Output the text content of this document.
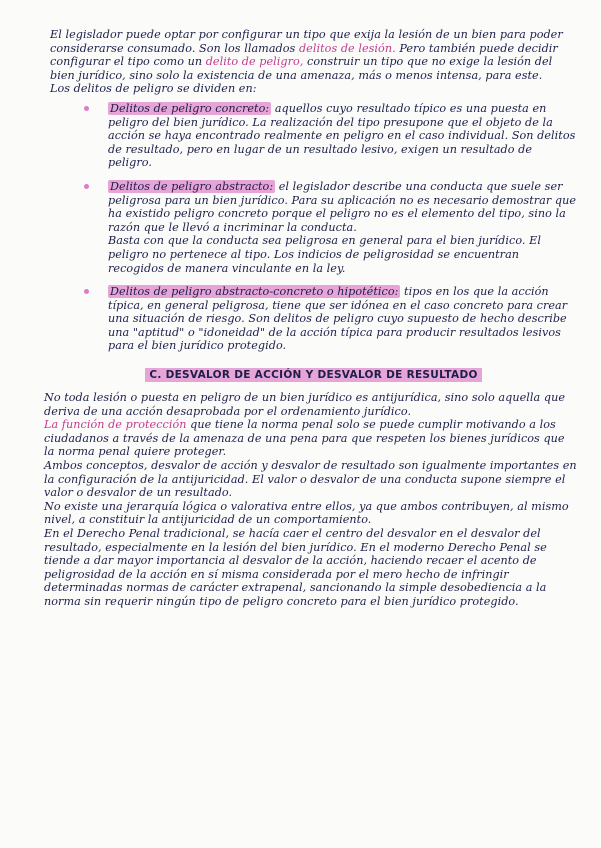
El legislador puede optar por configurar un tipo que exija la lesión de un bien para poder considerarse consumado. Son los llamados delitos de lesión. Pero también puede decidir configurar el tipo como un delito de peligro, construir un tipo que no exige la lesión del bien jurídico, sino solo la existencia de una amenaza, más o menos intensa, para este.

Los delitos de peligro se dividen en:

Delitos de peligro concreto: aquellos cuyo resultado típico es una puesta en peligro del bien jurídico. La realización del tipo presupone que el objeto de la acción se haya encontrado realmente en peligro en el caso individual. Son delitos de resultado, pero en lugar de un resultado lesivo, exigen un resultado de peligro.

Delitos de peligro abstracto: el legislador describe una conducta que suele ser peligrosa para un bien jurídico. Para su aplicación no es necesario demostrar que ha existido peligro concreto porque el peligro no es el elemento del tipo, sino la razón que le llevó a incriminar la conducta.

Basta con que la conducta sea peligrosa en general para el bien jurídico. El peligro no pertenece al tipo. Los indicios de peligrosidad se encuentran recogidos de manera vinculante en la ley.

Delitos de peligro abstracto-concreto o hipotético: tipos en los que la acción típica, en general peligrosa, tiene que ser idónea en el caso concreto para crear una situación de riesgo. Son delitos de peligro cuyo supuesto de hecho describe una "aptitud" o "idoneidad" de la acción típica para producir resultados lesivos para el bien jurídico protegido.

C. DESVALOR DE ACCIÓN Y DESVALOR DE RESULTADO

No toda lesión o puesta en peligro de un bien jurídico es antijurídica, sino solo aquella que deriva de una acción desaprobada por el ordenamiento jurídico.

La función de protección que tiene la norma penal solo se puede cumplir motivando a los ciudadanos a través de la amenaza de una pena para que respeten los bienes jurídicos que la norma penal quiere proteger.

Ambos conceptos, desvalor de acción y desvalor de resultado son igualmente importantes en la configuración de la antijuricidad. El valor o desvalor de una conducta supone siempre el valor o desvalor de un resultado.

No existe una jerarquía lógica o valorativa entre ellos, ya que ambos contribuyen, al mismo nivel, a constituir la antijuricidad de un comportamiento.

En el Derecho Penal tradicional, se hacía caer el centro del desvalor en el desvalor del resultado, especialmente en la lesión del bien jurídico. En el moderno Derecho Penal se tiende a dar mayor importancia al desvalor de la acción, haciendo recaer el acento de peligrosidad de la acción en sí misma considerada por el mero hecho de infringir determinadas normas de carácter extrapenal, sancionando la simple desobediencia a la norma sin requerir ningún tipo de peligro concreto para el bien jurídico protegido.
